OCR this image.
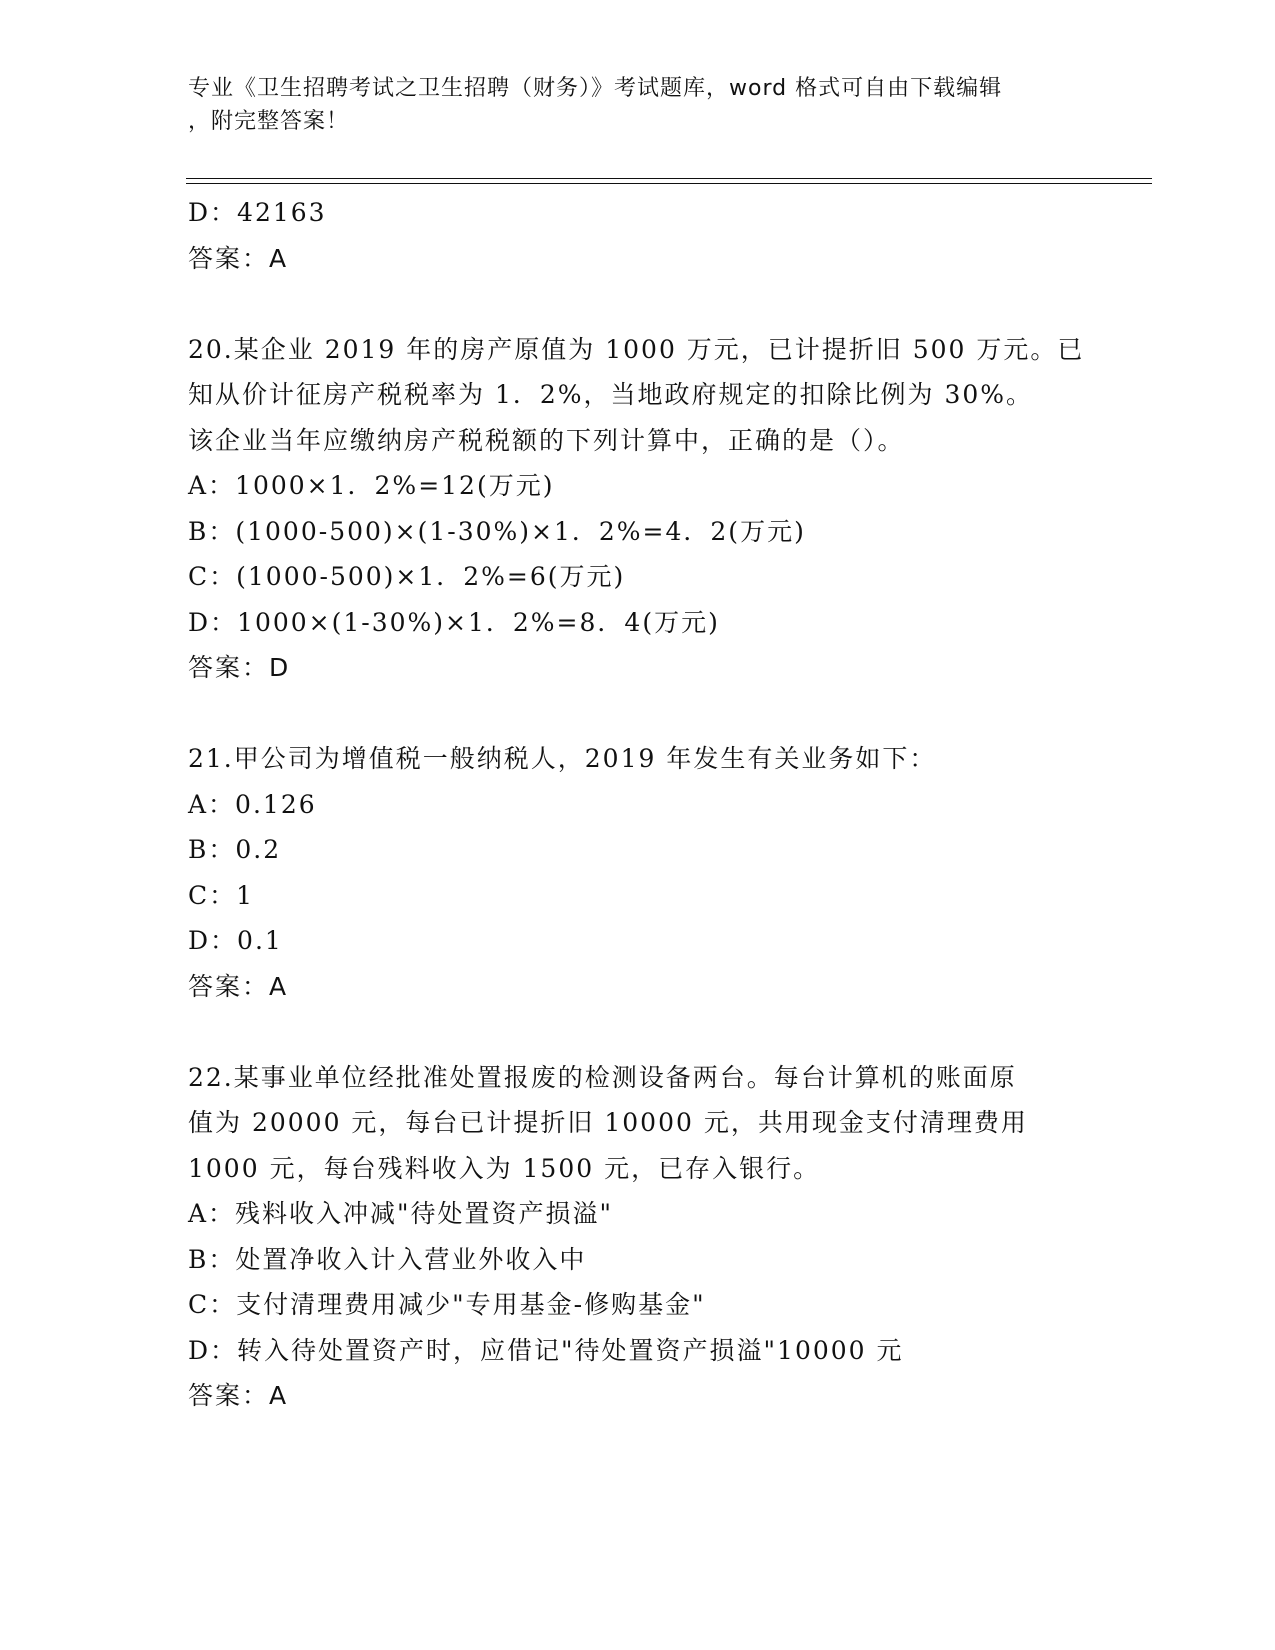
专业《卫生招聘考试之卫生招聘（财务）》考试题库，word 格式可自由下载编辑
，附完整答案！
D：42163
答案：A
20.某企业 2019 年的房产原值为 1000 万元，已计提折旧 500 万元。已
知从价计征房产税税率为 1．2%，当地政府规定的扣除比例为 30%。
该企业当年应缴纳房产税税额的下列计算中，正确的是（）。
A：1000×1．2%=12(万元)
B：(1000-500)×(1-30%)×1．2%=4．2(万元)
C：(1000-500)×1．2%=6(万元)
D：1000×(1-30%)×1．2%=8．4(万元)
答案：D
21.甲公司为增值税一般纳税人，2019 年发生有关业务如下：
A：0.126
B：0.2
C：1
D：0.1
答案：A
22.某事业单位经批准处置报废的检测设备两台。每台计算机的账面原
值为 20000 元，每台已计提折旧 10000 元，共用现金支付清理费用
1000 元，每台残料收入为 1500 元，已存入银行。
A：残料收入冲减"待处置资产损溢"
B：处置净收入计入营业外收入中
C：支付清理费用减少"专用基金-修购基金"
D：转入待处置资产时，应借记"待处置资产损溢"10000 元
答案：A
